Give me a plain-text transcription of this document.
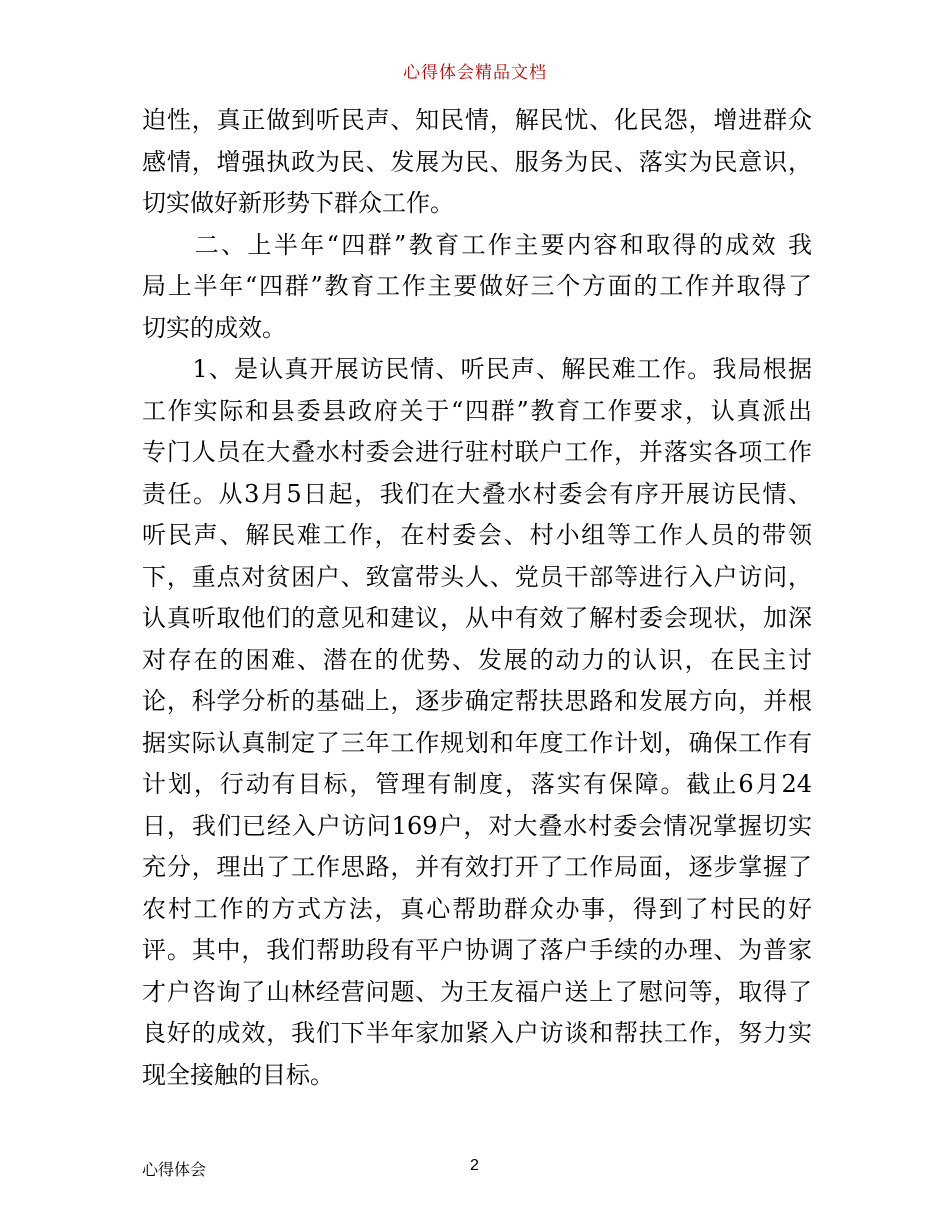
心得体会精品文档
迫性，真正做到听民声、知民情，解民忧、化民怨，增进群众
感情，增强执政为民、发展为民、服务为民、落实为民意识，
切实做好新形势下群众工作。
　　二、上半年“四群”教育工作主要内容和取得的成效 我
局上半年“四群”教育工作主要做好三个方面的工作并取得了
切实的成效。
　　1、是认真开展访民情、听民声、解民难工作。我局根据
工作实际和县委县政府关于“四群”教育工作要求，认真派出
专门人员在大叠水村委会进行驻村联户工作，并落实各项工作
责任。从3月5日起，我们在大叠水村委会有序开展访民情、
听民声、解民难工作，在村委会、村小组等工作人员的带领
下，重点对贫困户、致富带头人、党员干部等进行入户访问，
认真听取他们的意见和建议，从中有效了解村委会现状，加深
对存在的困难、潜在的优势、发展的动力的认识，在民主讨
论，科学分析的基础上，逐步确定帮扶思路和发展方向，并根
据实际认真制定了三年工作规划和年度工作计划，确保工作有
计划，行动有目标，管理有制度，落实有保障。截止6月24
日，我们已经入户访问169户，对大叠水村委会情况掌握切实
充分，理出了工作思路，并有效打开了工作局面，逐步掌握了
农村工作的方式方法，真心帮助群众办事，得到了村民的好
评。其中，我们帮助段有平户协调了落户手续的办理、为普家
才户咨询了山林经营问题、为王友福户送上了慰问等，取得了
良好的成效，我们下半年家加紧入户访谈和帮扶工作，努力实
现全接触的目标。
心得体会	2
